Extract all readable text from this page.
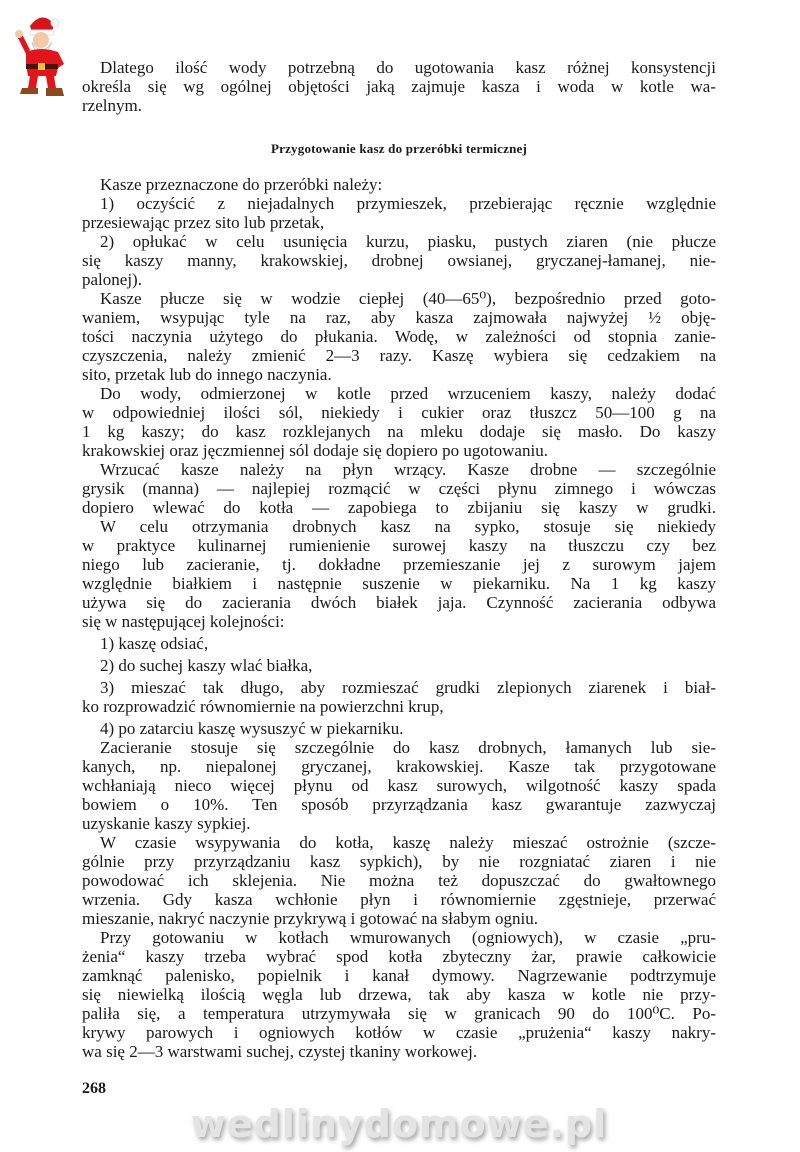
Przygotowanie kasz do przeróbki termicznej
Dlatego ilość wody potrzebną do ugotowania kasz różnej konsystencji
określa się wg ogólnej objętości jaką zajmuje kasza i woda w kotle wa-
rzelnym.
Kasze przeznaczone do przeróbki należy:
1) oczyścić z niejadalnych przymieszek, przebierając ręcznie względnie
przesiewając przez sito lub przetak,
2) opłukać w celu usunięcia kurzu, piasku, pustych ziaren (nie płucze
się kaszy manny, krakowskiej, drobnej owsianej, gryczanej-łamanej, nie-
palonej).
Kasze płucze się w wodzie ciepłej (40—65⁰), bezpośrednio przed goto-
waniem, wsypując tyle na raz, aby kasza zajmowała najwyżej ½ obję-
tości naczynia użytego do płukania. Wodę, w zależności od stopnia zanie-
czyszczenia, należy zmienić 2—3 razy. Kaszę wybiera się cedzakiem na
sito, przetak lub do innego naczynia.
Do wody, odmierzonej w kotle przed wrzuceniem kaszy, należy dodać
w odpowiedniej ilości sól, niekiedy i cukier oraz tłuszcz 50—100 g na
1 kg kaszy; do kasz rozklejanych na mleku dodaje się masło. Do kaszy
krakowskiej oraz jęczmiennej sól dodaje się dopiero po ugotowaniu.
Wrzucać kasze należy na płyn wrzący. Kasze drobne — szczególnie
grysik (manna) — najlepiej rozmącić w części płynu zimnego i wówczas
dopiero wlewać do kotła — zapobiega to zbijaniu się kaszy w grudki.
W celu otrzymania drobnych kasz na sypko, stosuje się niekiedy
w praktyce kulinarnej rumienienie surowej kaszy na tłuszczu czy bez
niego lub zacieranie, tj. dokładne przemieszanie jej z surowym jajem
względnie białkiem i następnie suszenie w piekarniku. Na 1 kg kaszy
używa się do zacierania dwóch białek jaja. Czynność zacierania odbywa
się w następującej kolejności:
1) kaszę odsiać,
2) do suchej kaszy wlać białka,
3) mieszać tak długo, aby rozmieszać grudki zlepionych ziarenek i biał-
ko rozprowadzić równomiernie na powierzchni krup,
4) po zatarciu kaszę wysuszyć w piekarniku.
Zacieranie stosuje się szczególnie do kasz drobnych, łamanych lub sie-
kanych, np. niepalonej gryczanej, krakowskiej. Kasze tak przygotowane
wchłaniają nieco więcej płynu od kasz surowych, wilgotność kaszy spada
bowiem o 10%. Ten sposób przyrządzania kasz gwarantuje zazwyczaj
uzyskanie kaszy sypkiej.
W czasie wsypywania do kotła, kaszę należy mieszać ostrożnie (szcze-
gólnie przy przyrządzaniu kasz sypkich), by nie rozgniatać ziaren i nie
powodować ich sklejenia. Nie można też dopuszczać do gwałtownego
wrzenia. Gdy kasza wchłonie płyn i równomiernie zgęstnieje, przerwać
mieszanie, nakryć naczynie przykrywą i gotować na słabym ogniu.
Przy gotowaniu w kotłach wmurowanych (ogniowych), w czasie „pru-
żenia“ kaszy trzeba wybrać spod kotła zbyteczny żar, prawie całkowicie
zamknąć palenisko, popielnik i kanał dymowy. Nagrzewanie podtrzymuje
się niewielką ilością węgla lub drzewa, tak aby kasza w kotle nie przy-
paliła się, a temperatura utrzymywała się w granicach 90 do 100⁰C. Po-
krywy parowych i ogniowych kotłów w czasie „prużenia“ kaszy nakry-
wa się 2—3 warstwami suchej, czystej tkaniny workowej.
268
wedlinydomowe.pl
